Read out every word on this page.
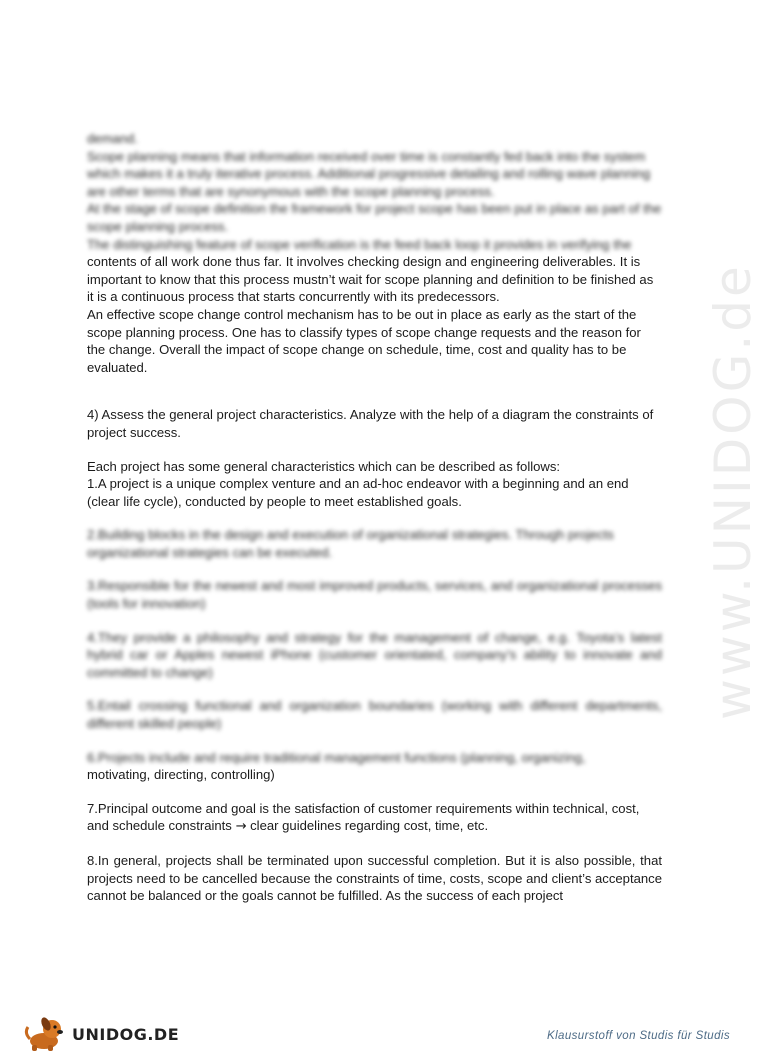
www.UNIDOG.de

demand.

Scope planning means that information received over time is constantly fed back into the system which makes it a truly iterative process. Additional progressive detailing and rolling wave planning are other terms that are synonymous with the scope planning process.

At the stage of scope definition the framework for project scope has been put in place as part of the scope planning process.

The distinguishing feature of scope verification is the feed back loop it provides in verifying the

contents of all work done thus far. It involves checking design and engineering deliverables. It is important to know that this process mustn’t wait for scope planning and definition to be finished as it is a continuous process that starts concurrently with its predecessors.

An effective scope change control mechanism has to be out in place as early as the start of the scope planning process. One has to classify types of scope change requests and the reason for the change. Overall the impact of scope change on schedule, time, cost and quality has to be evaluated.

4) Assess the general project characteristics. Analyze with the help of a diagram the constraints of project success.

Each project has some general characteristics which can be described as follows:

1.A project is a unique complex venture and an ad-hoc endeavor with a beginning and an end (clear life cycle), conducted by people to meet established goals.

2.Building blocks in the design and execution of organizational strategies. Through projects organizational strategies can be executed.

3.Responsible for the newest and most improved products, services, and organizational processes (tools for innovation)

4.They provide a philosophy and strategy for the management of change, e.g. Toyota’s latest hybrid car or Apples newest iPhone (customer orientated, company’s ability to innovate and committed to change)

5.Entail crossing functional and organization boundaries (working with different departments, different skilled people)

6.Projects include and require traditional management functions (planning, organizing,

motivating, directing, controlling)

7.Principal outcome and goal is the satisfaction of customer requirements within technical, cost, and schedule constraints → clear guidelines regarding cost, time, etc.

8.In general, projects shall be terminated upon successful completion. But it is also possible, that projects need to be cancelled because the constraints of time, costs, scope and client’s acceptance cannot be balanced or the goals cannot be fulfilled. As the success of each project

UNIDOG.DE	Klausurstoff von Studis für Studis
